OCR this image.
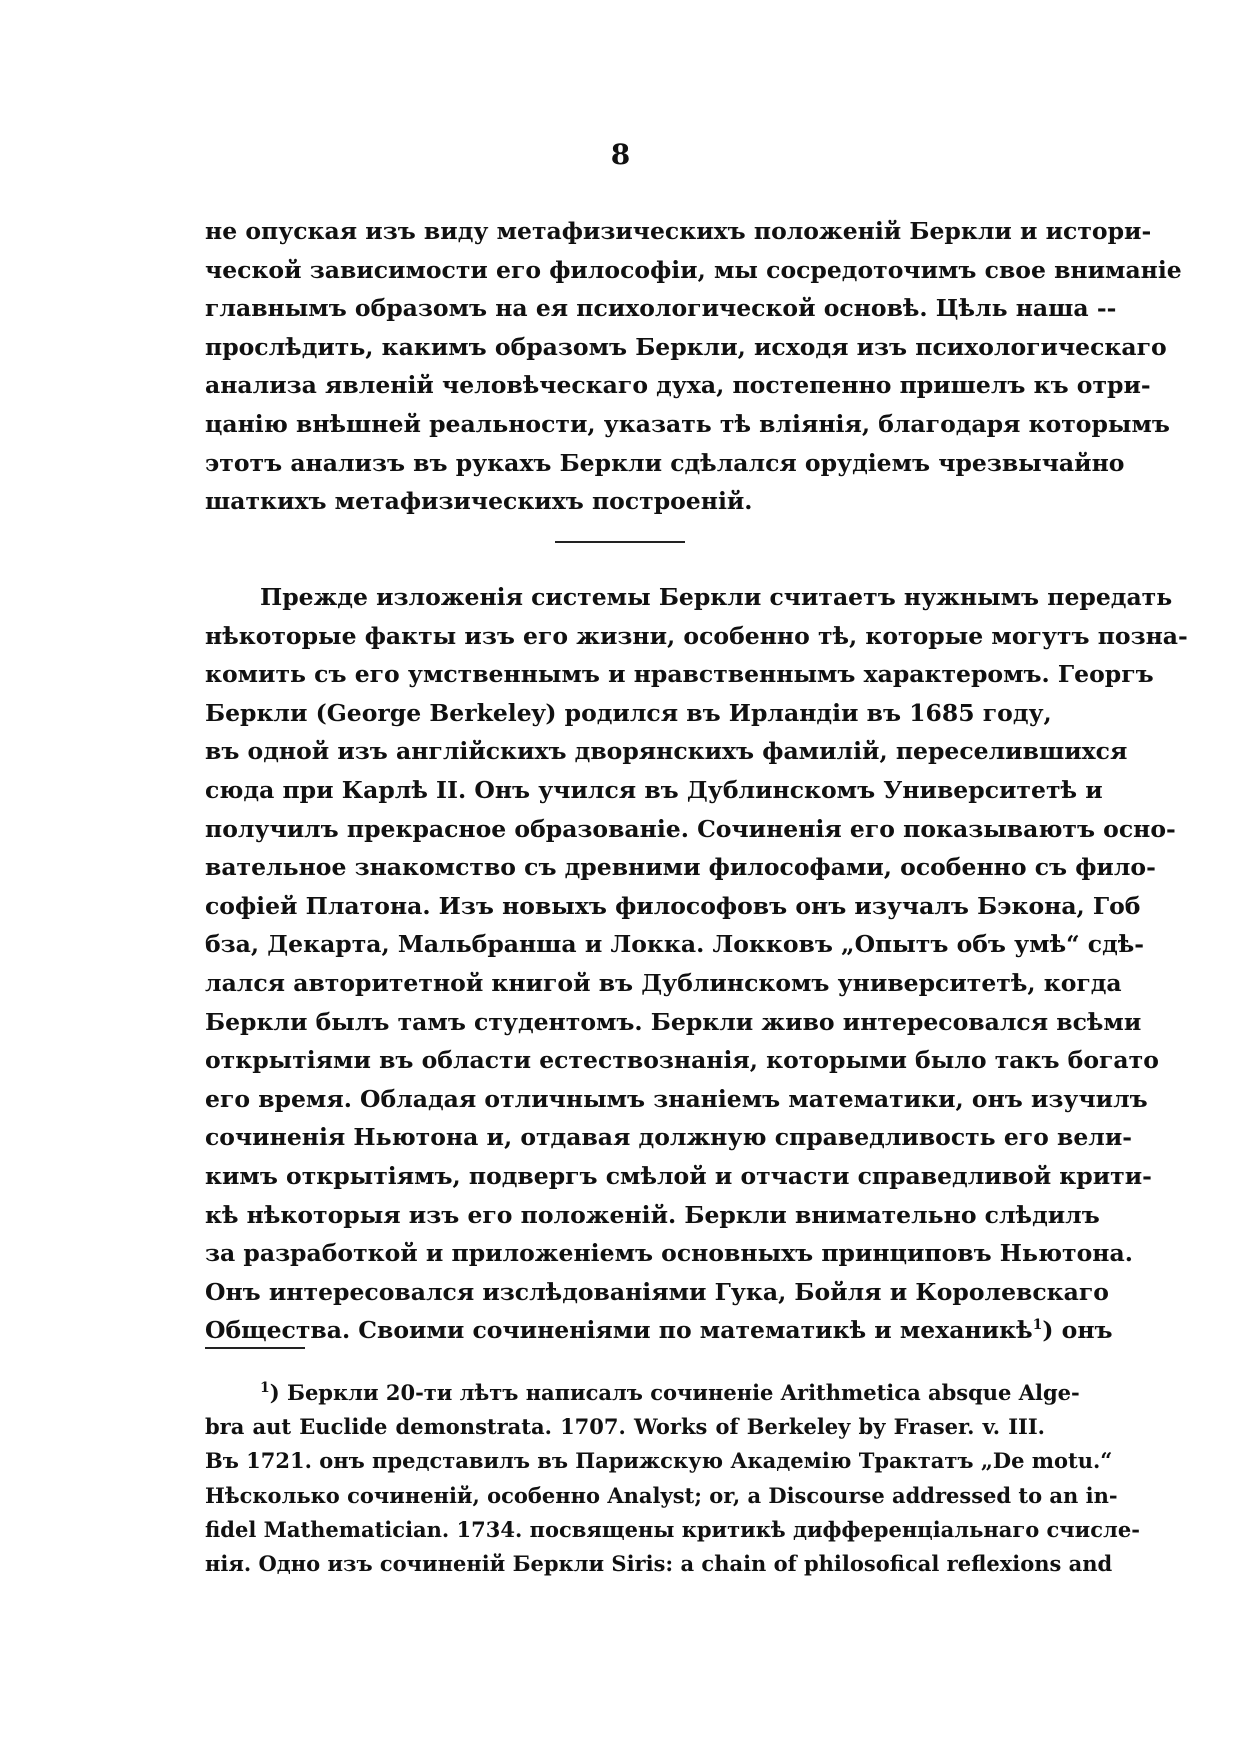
8
не опуская изъ виду метафизическихъ положенiй Беркли и истори-
ческой зависимости его философiи, мы сосредоточимъ свое вниманiе
главнымъ образомъ на ея психологической основѣ. Цѣль наша --
прослѣдить, какимъ образомъ Беркли, исходя изъ психологическаго
анализа явленiй человѣческаго духа, постепенно пришелъ къ отри-
цанiю внѣшней реальности, указать тѣ влiянiя, благодаря которымъ
этотъ анализъ въ рукахъ Беркли сдѣлался орудiемъ чрезвычайно
шаткихъ метафизическихъ построенiй.
Прежде изложенiя системы Беркли считаетъ нужнымъ передать
нѣкоторые факты изъ его жизни, особенно тѣ, которые могутъ позна-
комить съ его умственнымъ и нравственнымъ характеромъ. Георгъ
Беркли (George Berkeley) родился въ Ирландiи въ 1685 году,
въ одной изъ англiйскихъ дворянскихъ фамилiй, переселившихся
сюда при Карлѣ II. Онъ учился въ Дублинскомъ Университетѣ и
получилъ прекрасное образованiе. Сочиненiя его показываютъ осно-
вательное знакомство съ древними философами, особенно съ фило-
софiей Платона. Изъ новыхъ философовъ онъ изучалъ Бэкона, Гоб
бза, Декарта, Мальбранша и Локка. Локковъ „Опытъ объ умѣ“ сдѣ-
лался авторитетной книгой въ Дублинскомъ университетѣ, когда
Беркли былъ тамъ студентомъ. Беркли живо интересовался всѣми
открытiями въ области естествознанiя, которыми было такъ богато
его время. Обладая отличнымъ знанiемъ математики, онъ изучилъ
сочиненiя Ньютона и, отдавая должную справедливость его вели-
кимъ открытiямъ, подвергъ смѣлой и отчасти справедливой крити-
кѣ нѣкоторыя изъ его положенiй. Беркли внимательно слѣдилъ
за разработкой и приложенiемъ основныхъ принциповъ Ньютона.
Онъ интересовался изслѣдованiями Гука, Бойля и Королевскаго
Общества. Своими сочиненiями по математикѣ и механикѣ$^1$) онъ
$^1$) Беркли 20-ти лѣтъ написалъ сочиненiе Arithmetica absque Alge-
bra aut Euclide demonstrata. 1707. Works of Berkeley by Fraser. v. III.
Въ 1721. онъ представилъ въ Парижскую Академiю Трактатъ „De motu.“
Нѣсколько сочиненiй, особенно Analyst; or, a Discourse addressed to an in-
fidel Mathematician. 1734. посвящены критикѣ дифференцiальнаго счисле-
нiя. Одно изъ сочиненiй Беркли Siris: a chain of philosofical reflexions and
